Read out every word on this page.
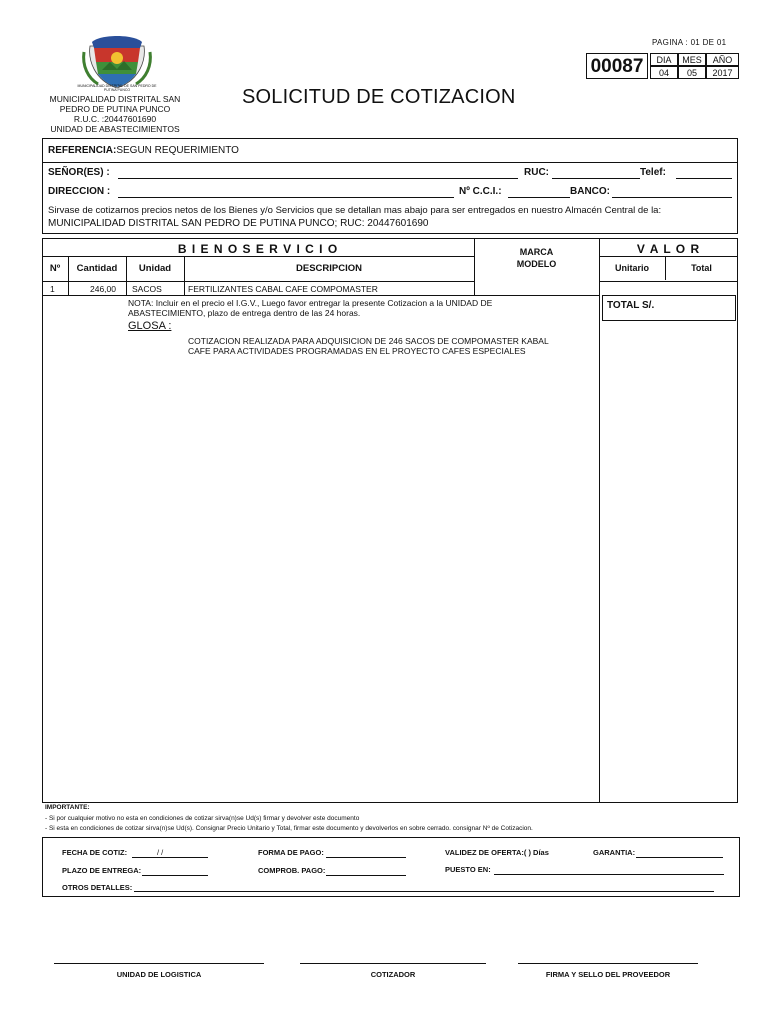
MUNICIPALIDAD DISTRITAL DE SAN PEDRO DE PUTINA PUNCO
MUNICIPALIDAD DISTRITAL SAN
PEDRO DE PUTINA PUNCO
R.U.C. :20447601690
UNIDAD DE ABASTECIMIENTOS
SOLICITUD DE COTIZACION
PAGINA : 01 DE 01
00087	DIA	MES	AÑO
04	05	2017
REFERENCIA:SEGUN REQUERIMIENTO
SEÑOR(ES) :	RUC:	Telef:
DIRECCION :	Nº C.C.I.:	BANCO:
Sirvase de cotizarnos precios netos de los Bienes y/o Servicios que se detallan mas abajo para ser entregados en nuestro Almacén Central de la:
MUNICIPALIDAD DISTRITAL SAN PEDRO DE PUTINA PUNCO; RUC: 20447601690
B I E N O S E R V I C I O	V A L O R
Nº	Cantidad	Unidad	DESCRIPCION
MARCA
MODELO	Unitario	Total
1	246,00 SACOS	FERTILIZANTES CABAL CAFE COMPOMASTER
NOTA: Incluir en el precio el I.G.V., Luego favor entregar la presente Cotizacion a la UNIDAD DE
ABASTECIMIENTO, plazo de entrega dentro de las 24 horas.
GLOSA :
COTIZACION REALIZADA PARA ADQUISICION DE 246 SACOS DE COMPOMASTER KABAL
CAFE PARA ACTIVIDADES PROGRAMADAS EN EL PROYECTO CAFES ESPECIALES
TOTAL S/.
IMPORTANTE:
- Si por cualquier motivo no esta en condiciones de cotizar sirva(n)se Ud(s) firmar y devolver este documento
- Si esta en condiciones de cotizar sirva(n)se Ud(s). Consignar Precio Unitario y Total, firmar este documento y devolverlos en sobre cerrado. consignar Nº de Cotizacion.
FECHA DE COTIZ:	/ /	FORMA DE PAGO:	VALIDEZ DE OFERTA:( ) Días	GARANTIA:
PLAZO DE ENTREGA:	COMPROB. PAGO:	PUESTO EN:
OTROS DETALLES:
UNIDAD DE LOGISTICA	COTIZADOR	FIRMA Y SELLO DEL PROVEEDOR
